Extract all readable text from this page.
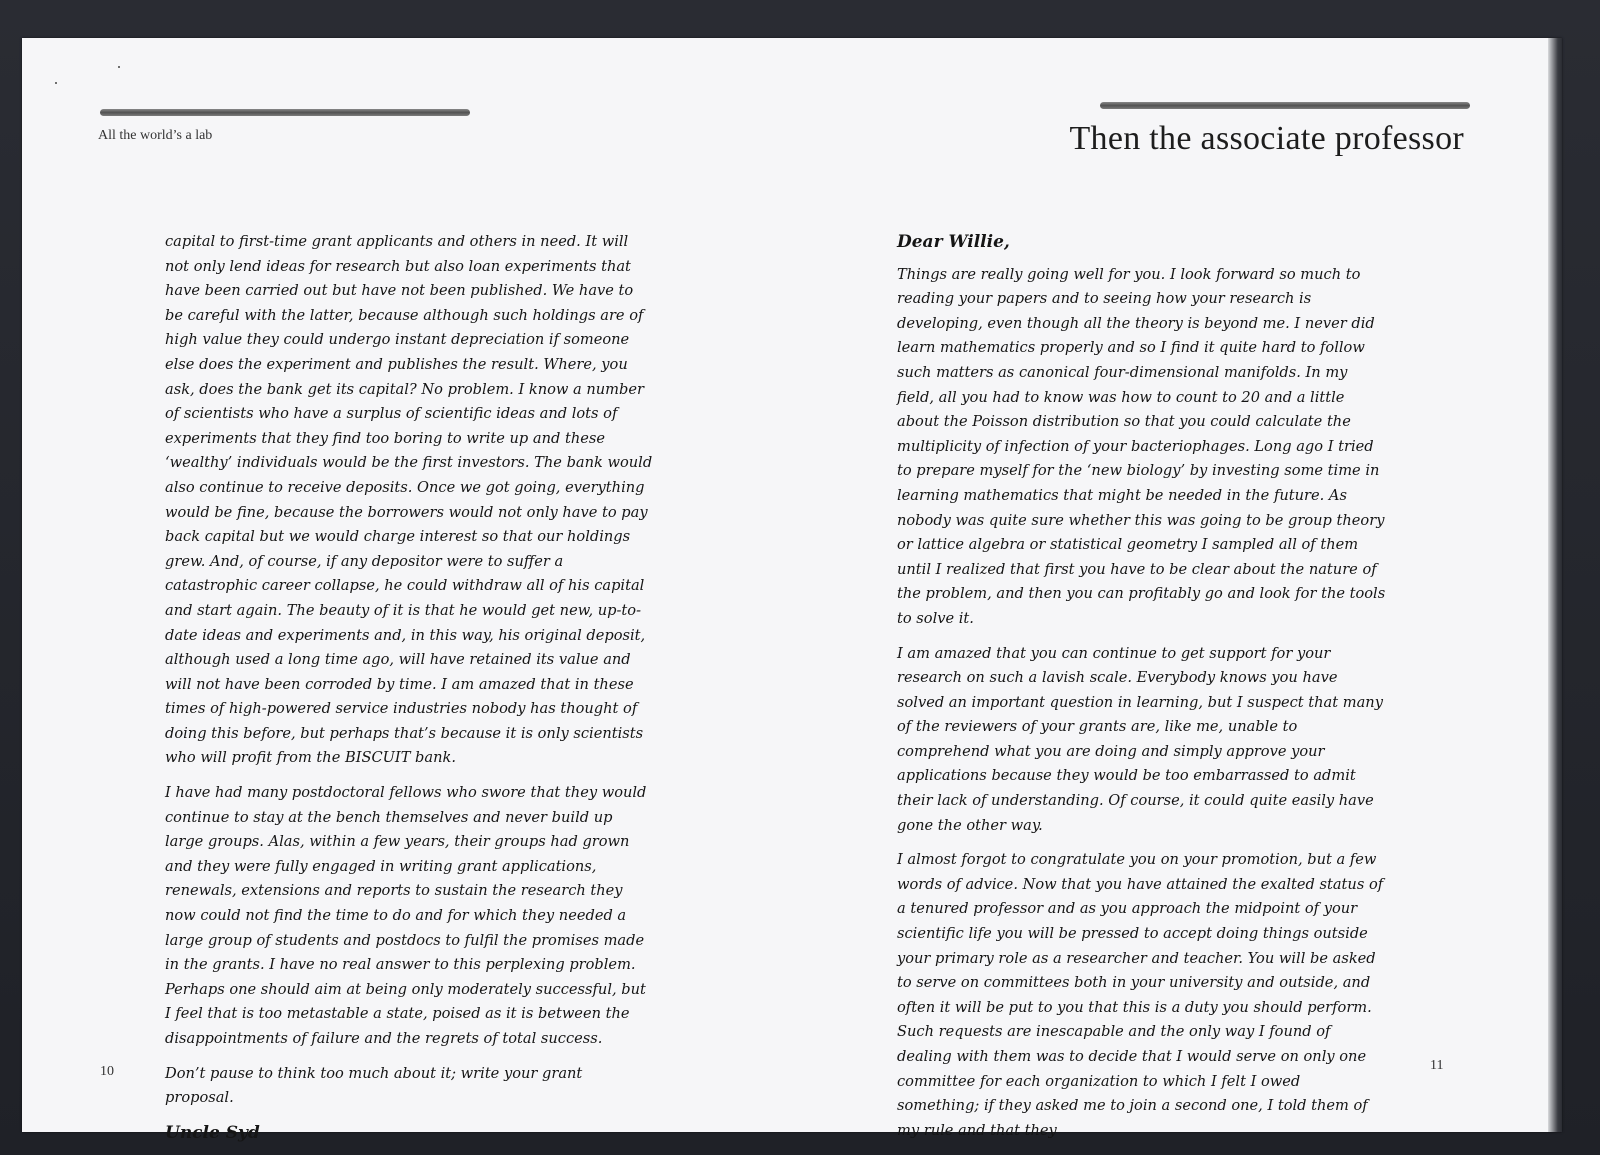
All the world’s a lab	Then the associate professor

capital to first-time grant applicants and others in need. It will not only lend ideas for research but also loan experiments that have been carried out but have not been published. We have to be careful with the latter, because although such holdings are of high value they could undergo instant depreciation if someone else does the experiment and publishes the result. Where, you ask, does the bank get its capital? No problem. I know a number of scientists who have a surplus of scientific ideas and lots of experiments that they find too boring to write up and these ‘wealthy’ individuals would be the first investors. The bank would also continue to receive deposits. Once we got going, everything would be fine, because the borrowers would not only have to pay back capital but we would charge interest so that our holdings grew. And, of course, if any depositor were to suffer a catastrophic career collapse, he could withdraw all of his capital and start again. The beauty of it is that he would get new, up-to-date ideas and experiments and, in this way, his original deposit, although used a long time ago, will have retained its value and will not have been corroded by time. I am amazed that in these times of high-powered service industries nobody has thought of doing this before, but perhaps that’s because it is only scientists who will profit from the BISCUIT bank.

I have had many postdoctoral fellows who swore that they would continue to stay at the bench themselves and never build up large groups. Alas, within a few years, their groups had grown and they were fully engaged in writing grant applications, renewals, extensions and reports to sustain the research they now could not find the time to do and for which they needed a large group of students and postdocs to fulfil the promises made in the grants. I have no real answer to this perplexing problem. Perhaps one should aim at being only moderately successful, but I feel that is too metastable a state, poised as it is between the disappointments of failure and the regrets of total success.

Don’t pause to think too much about it; write your grant proposal.

Uncle Syd
Dear Willie,

Things are really going well for you. I look forward so much to reading your papers and to seeing how your research is developing, even though all the theory is beyond me. I never did learn mathematics properly and so I find it quite hard to follow such matters as canonical four-dimensional manifolds. In my field, all you had to know was how to count to 20 and a little about the Poisson distribution so that you could calculate the multiplicity of infection of your bacteriophages. Long ago I tried to prepare myself for the ‘new biology’ by investing some time in learning mathematics that might be needed in the future. As nobody was quite sure whether this was going to be group theory or lattice algebra or statistical geometry I sampled all of them until I realized that first you have to be clear about the nature of the problem, and then you can profitably go and look for the tools to solve it.

I am amazed that you can continue to get support for your research on such a lavish scale. Everybody knows you have solved an important question in learning, but I suspect that many of the reviewers of your grants are, like me, unable to comprehend what you are doing and simply approve your applications because they would be too embarrassed to admit their lack of understanding. Of course, it could quite easily have gone the other way.

I almost forgot to congratulate you on your promotion, but a few words of advice. Now that you have attained the exalted status of a tenured professor and as you approach the midpoint of your scientific life you will be pressed to accept doing things outside your primary role as a researcher and teacher. You will be asked to serve on committees both in your university and outside, and often it will be put to you that this is a duty you should perform. Such requests are inescapable and the only way I found of dealing with them was to decide that I would serve on only one committee for each organization to which I felt I owed something; if they asked me to join a second one, I told them of my rule and that they

10	11
